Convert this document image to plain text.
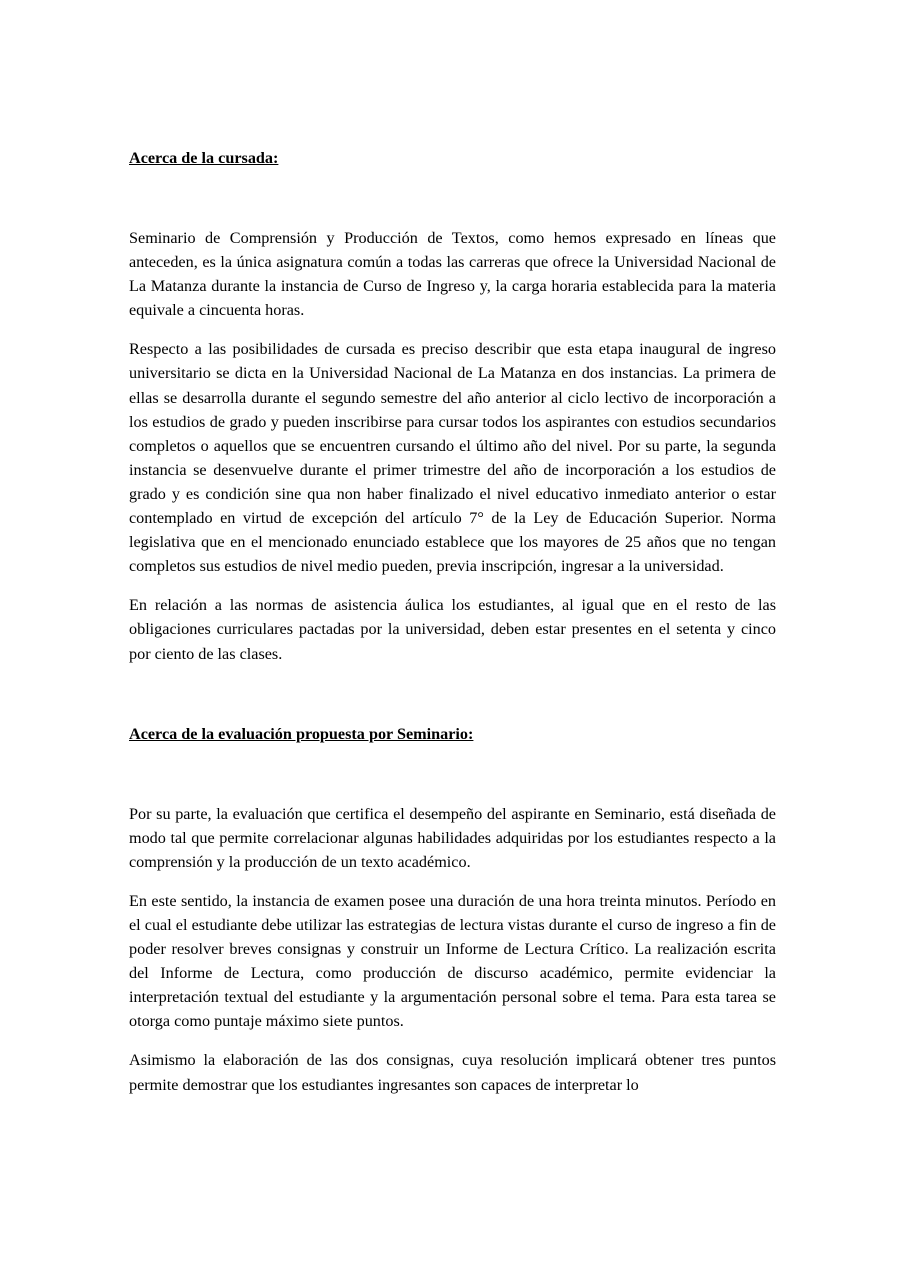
Acerca de la cursada:

Seminario de Comprensión y Producción de Textos, como hemos expresado en líneas que anteceden, es la única asignatura común a todas las carreras que ofrece la Universidad Nacional de La Matanza durante la instancia de Curso de Ingreso y, la carga horaria establecida para la materia equivale a cincuenta horas.

Respecto a las posibilidades de cursada es preciso describir que esta etapa inaugural de ingreso universitario se dicta en la Universidad Nacional de La Matanza en dos instancias. La primera de ellas se desarrolla durante el segundo semestre del año anterior al ciclo lectivo de incorporación a los estudios de grado y pueden inscribirse para cursar todos los aspirantes con estudios secundarios completos o aquellos que se encuentren cursando el último año del nivel. Por su parte, la segunda instancia se desenvuelve durante el primer trimestre del año de incorporación a los estudios de grado y es condición sine qua non haber finalizado el nivel educativo inmediato anterior o estar contemplado en virtud de excepción del artículo 7° de la Ley de Educación Superior. Norma legislativa que en el mencionado enunciado establece que los mayores de 25 años que no tengan completos sus estudios de nivel medio pueden, previa inscripción, ingresar a la universidad.

En relación a las normas de asistencia áulica los estudiantes, al igual que en el resto de las obligaciones curriculares pactadas por la universidad, deben estar presentes en el setenta y cinco por ciento de las clases.

Acerca de la evaluación propuesta por Seminario:

Por su parte, la evaluación que certifica el desempeño del aspirante en Seminario, está diseñada de modo tal que permite correlacionar algunas habilidades adquiridas por los estudiantes respecto a la comprensión y la producción de un texto académico.

En este sentido, la instancia de examen posee una duración de una hora treinta minutos. Período en el cual el estudiante debe utilizar las estrategias de lectura vistas durante el curso de ingreso a fin de poder resolver breves consignas y construir un Informe de Lectura Crítico. La realización escrita del Informe de Lectura, como producción de discurso académico, permite evidenciar la interpretación textual del estudiante y la argumentación personal sobre el tema. Para esta tarea se otorga como puntaje máximo siete puntos.

Asimismo la elaboración de las dos consignas, cuya resolución implicará obtener tres puntos permite demostrar que los estudiantes ingresantes son capaces de interpretar lo
